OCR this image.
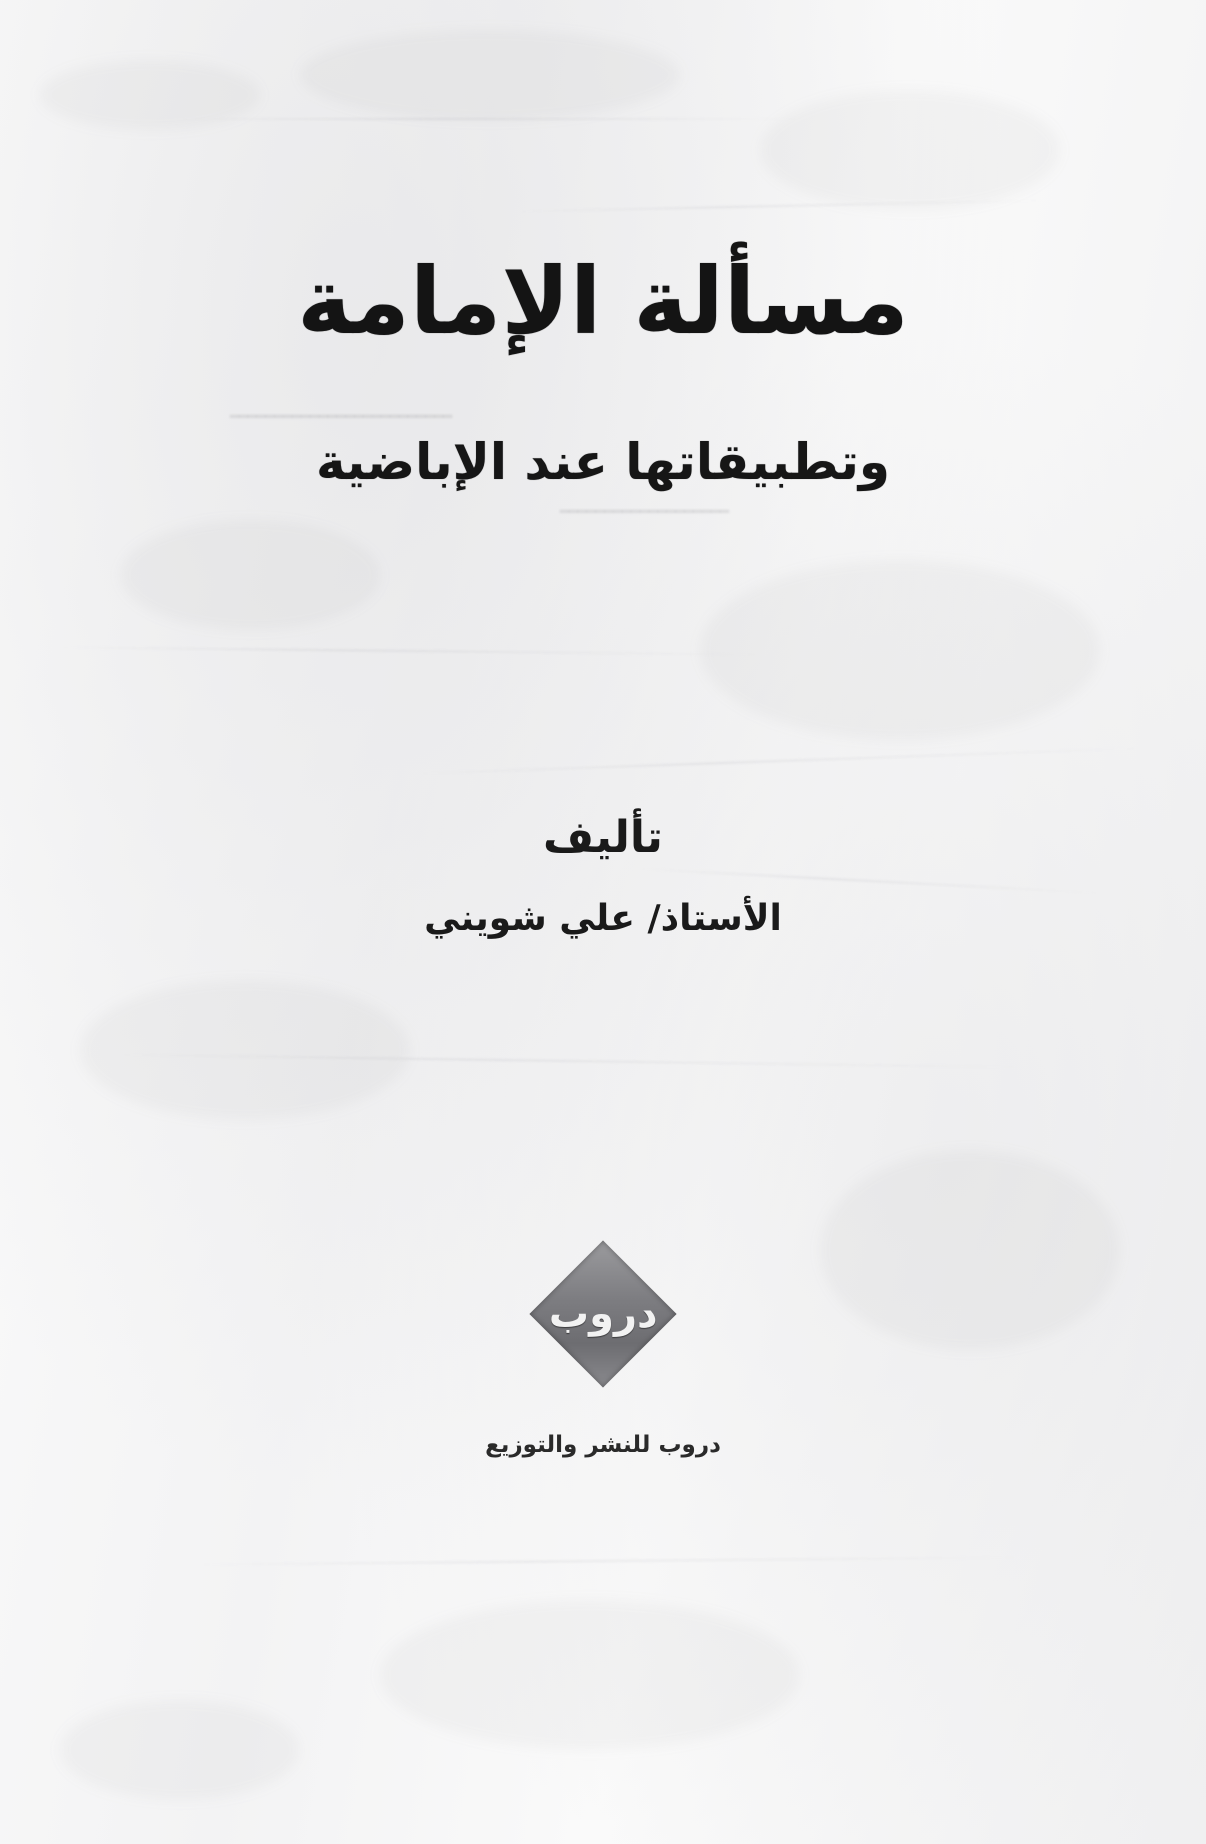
ـــــــــــــــــــــــــ
ـــــــــــــــــــ
مسألة الإمامة
وتطبيقاتها عند الإباضية
تأليف
الأستاذ/ علي شويني
دروب
دروب للنشر والتوزيع
